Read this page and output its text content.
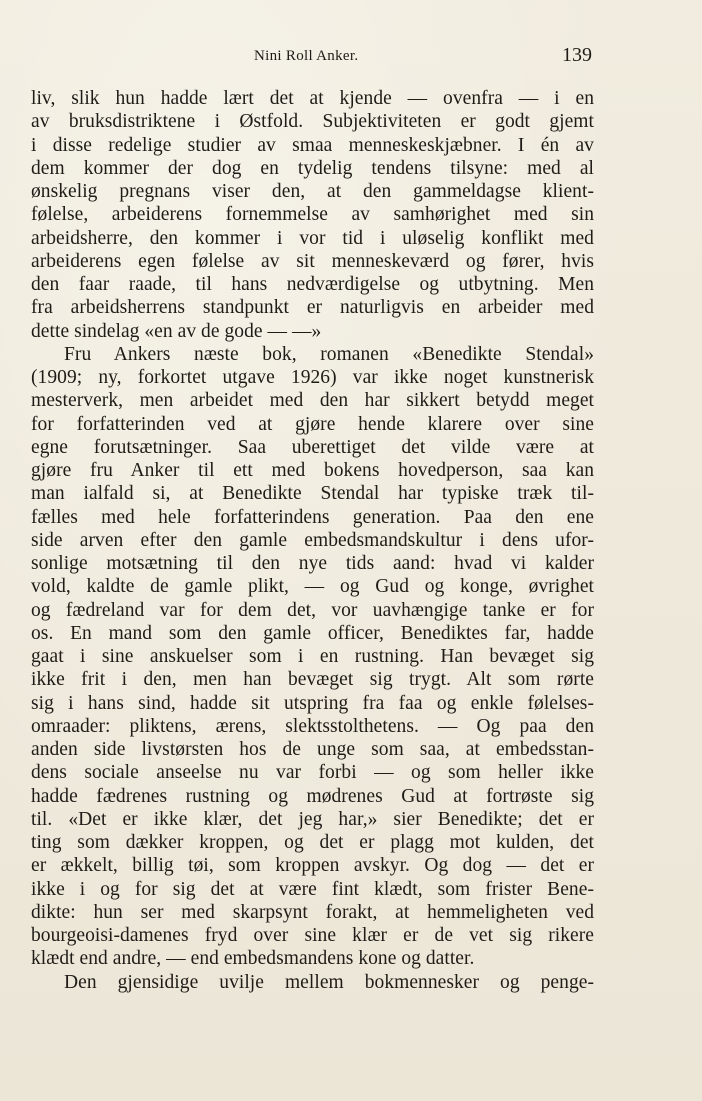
Nini Roll Anker.	139
liv, slik hun hadde lært det at kjende — ovenfra — i en
av bruksdistriktene i Østfold. Subjektiviteten er godt gjemt
i disse redelige studier av smaa menneskeskjæbner. I én av
dem kommer der dog en tydelig tendens tilsyne: med al
ønskelig pregnans viser den, at den gammeldagse klient-
følelse, arbeiderens fornemmelse av samhørighet med sin
arbeidsherre, den kommer i vor tid i uløselig konflikt med
arbeiderens egen følelse av sit menneskeværd og fører, hvis
den faar raade, til hans nedværdigelse og utbytning. Men
fra arbeidsherrens standpunkt er naturligvis en arbeider med
dette sindelag «en av de gode — —»
Fru Ankers næste bok, romanen «Benedikte Stendal»
(1909; ny, forkortet utgave 1926) var ikke noget kunstnerisk
mesterverk, men arbeidet med den har sikkert betydd meget
for forfatterinden ved at gjøre hende klarere over sine
egne forutsætninger. Saa uberettiget det vilde være at
gjøre fru Anker til ett med bokens hovedperson, saa kan
man ialfald si, at Benedikte Stendal har typiske træk til-
fælles med hele forfatterindens generation. Paa den ene
side arven efter den gamle embedsmandskultur i dens ufor-
sonlige motsætning til den nye tids aand: hvad vi kalder
vold, kaldte de gamle plikt, — og Gud og konge, øvrighet
og fædreland var for dem det, vor uavhængige tanke er for
os. En mand som den gamle officer, Benediktes far, hadde
gaat i sine anskuelser som i en rustning. Han bevæget sig
ikke frit i den, men han bevæget sig trygt. Alt som rørte
sig i hans sind, hadde sit utspring fra faa og enkle følelses-
omraader: pliktens, ærens, slektsstolthetens. — Og paa den
anden side livstørsten hos de unge som saa, at embedsstan-
dens sociale anseelse nu var forbi — og som heller ikke
hadde fædrenes rustning og mødrenes Gud at fortrøste sig
til. «Det er ikke klær, det jeg har,» sier Benedikte; det er
ting som dækker kroppen, og det er plagg mot kulden, det
er ækkelt, billig tøi, som kroppen avskyr. Og dog — det er
ikke i og for sig det at være fint klædt, som frister Bene-
dikte: hun ser med skarpsynt forakt, at hemmeligheten ved
bourgeoisi-damenes fryd over sine klær er de vet sig rikere
klædt end andre, — end embedsmandens kone og datter.
Den gjensidige uvilje mellem bokmennesker og penge-
